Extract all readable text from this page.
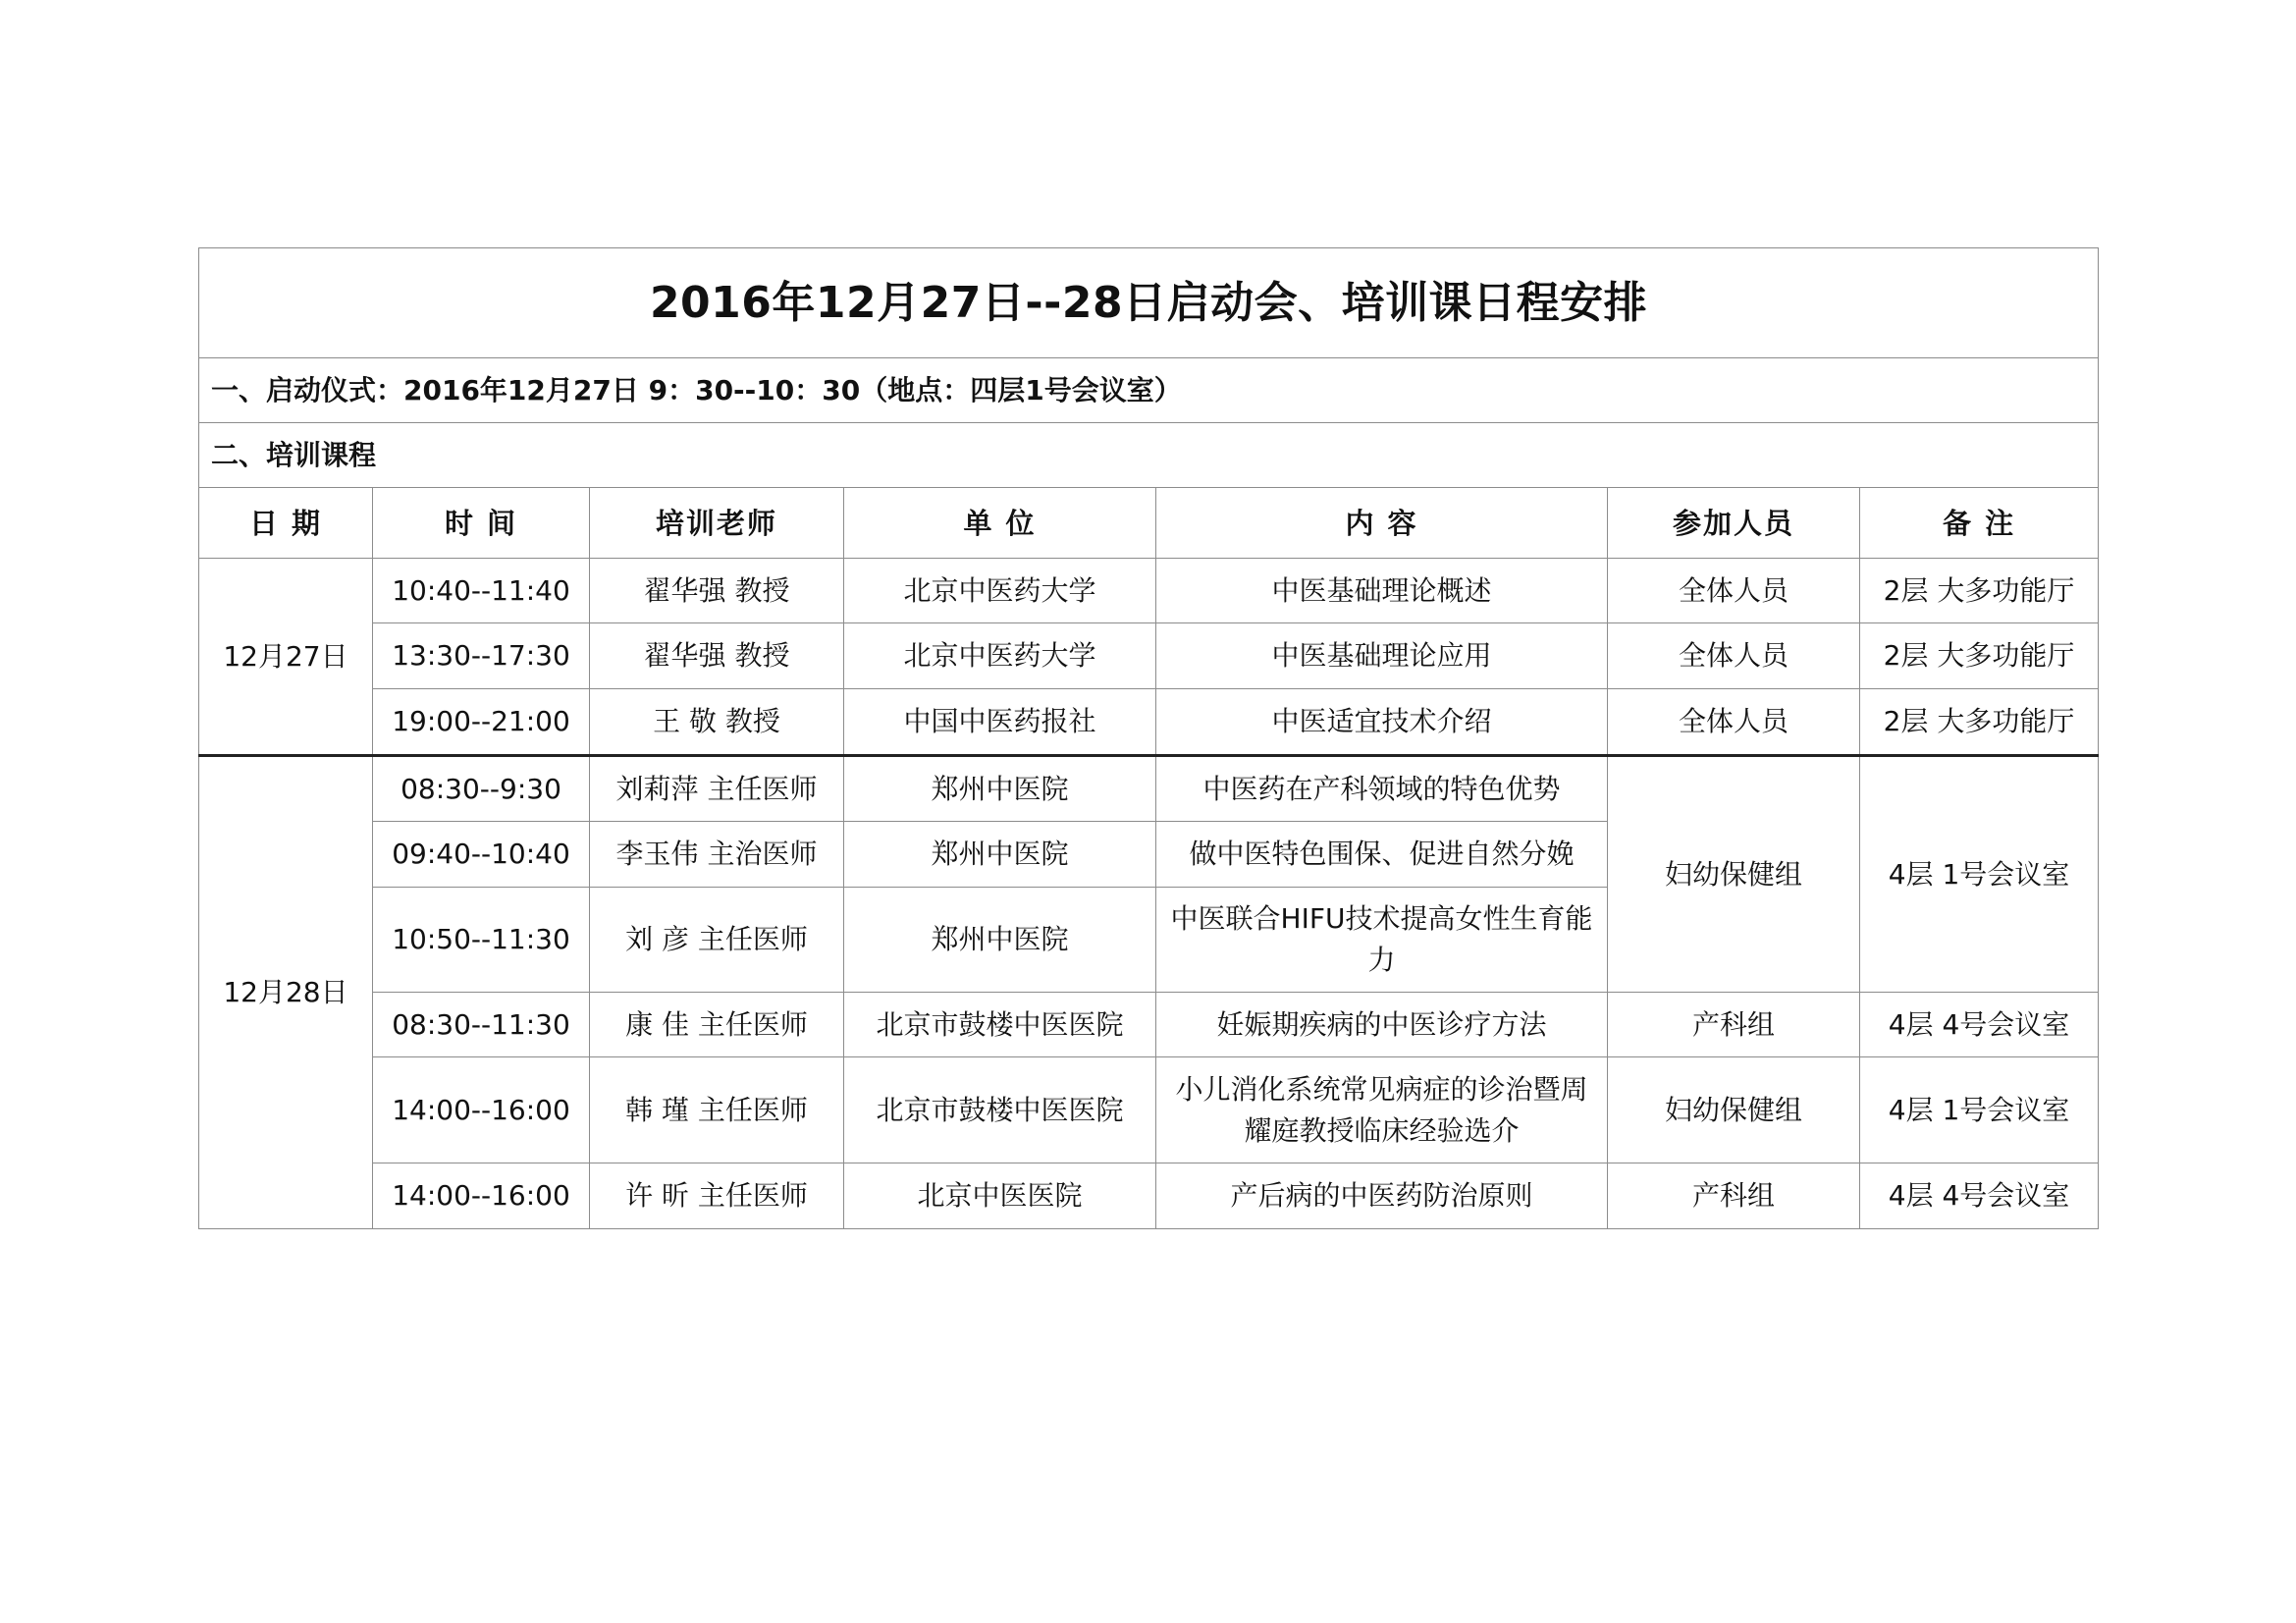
2016年12月27日--28日启动会、培训课日程安排						
一、启动仪式：2016年12月27日 9：30--10：30（地点：四层1号会议室）						
二、培训课程						
日 期	时 间	培训老师	单 位	内 容	参加人员	备 注
12月27日	10:40--11:40	翟华强 教授	北京中医药大学	中医基础理论概述	全体人员	2层 大多功能厅
	13:30--17:30	翟华强 教授	北京中医药大学	中医基础理论应用	全体人员	2层 大多功能厅
	19:00--21:00	王 敬 教授	中国中医药报社	中医适宜技术介绍	全体人员	2层 大多功能厅
12月28日	08:30--9:30	刘莉萍 主任医师	郑州中医院	中医药在产科领域的特色优势	妇幼保健组	4层 1号会议室
	09:40--10:40	李玉伟 主治医师	郑州中医院	做中医特色围保、促进自然分娩		
	10:50--11:30	刘 彦 主任医师	郑州中医院	中医联合HIFU技术提高女性生育能力		
	08:30--11:30	康 佳 主任医师	北京市鼓楼中医医院	妊娠期疾病的中医诊疗方法	产科组	4层 4号会议室
	14:00--16:00	韩 瑾 主任医师	北京市鼓楼中医医院	小儿消化系统常见病症的诊治暨周耀庭教授临床经验选介	妇幼保健组	4层 1号会议室
	14:00--16:00	许 昕 主任医师	北京中医医院	产后病的中医药防治原则	产科组	4层 4号会议室
